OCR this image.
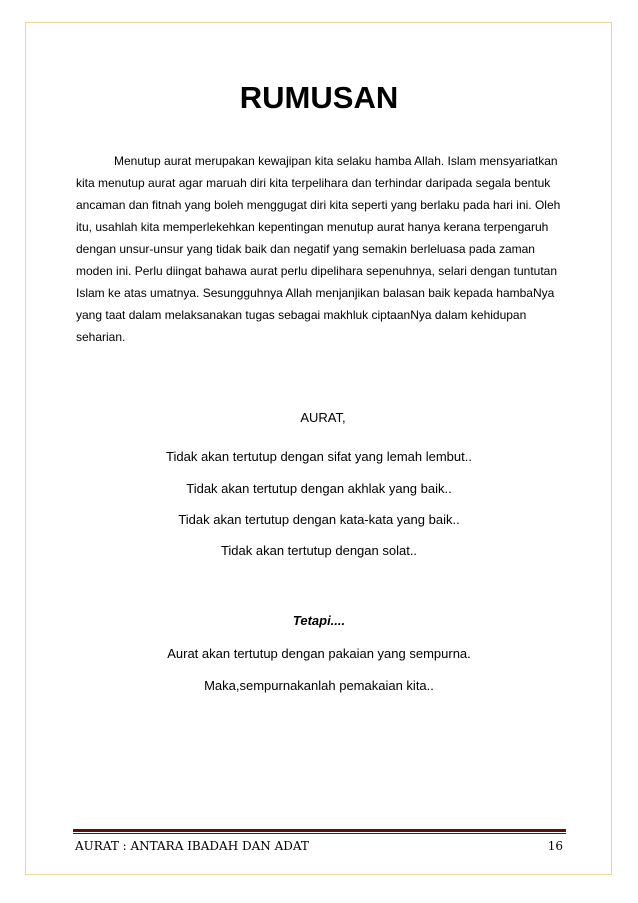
RUMUSAN

Menutup aurat merupakan kewajipan kita selaku hamba Allah. Islam mensyariatkan

kita menutup aurat agar maruah diri kita terpelihara dan terhindar daripada segala bentuk

ancaman dan fitnah yang boleh menggugat diri kita seperti yang berlaku pada hari ini. Oleh

itu, usahlah kita memperlekehkan kepentingan menutup aurat hanya kerana terpengaruh

dengan unsur-unsur yang tidak baik dan negatif yang semakin berleluasa pada zaman

moden ini. Perlu diingat bahawa aurat perlu dipelihara sepenuhnya, selari dengan tuntutan

Islam ke atas umatnya. Sesungguhnya Allah menjanjikan balasan baik kepada hambaNya

yang taat dalam melaksanakan tugas sebagai makhluk ciptaanNya dalam kehidupan

seharian.

AURAT,

Tidak akan tertutup dengan sifat yang lemah lembut..

Tidak akan tertutup dengan akhlak yang baik..

Tidak akan tertutup dengan kata-kata yang baik..

Tidak akan tertutup dengan solat..

Tetapi....

Aurat akan tertutup dengan pakaian yang sempurna.

Maka,sempurnakanlah pemakaian kita..

AURAT : ANTARA IBADAH DAN ADAT	16
